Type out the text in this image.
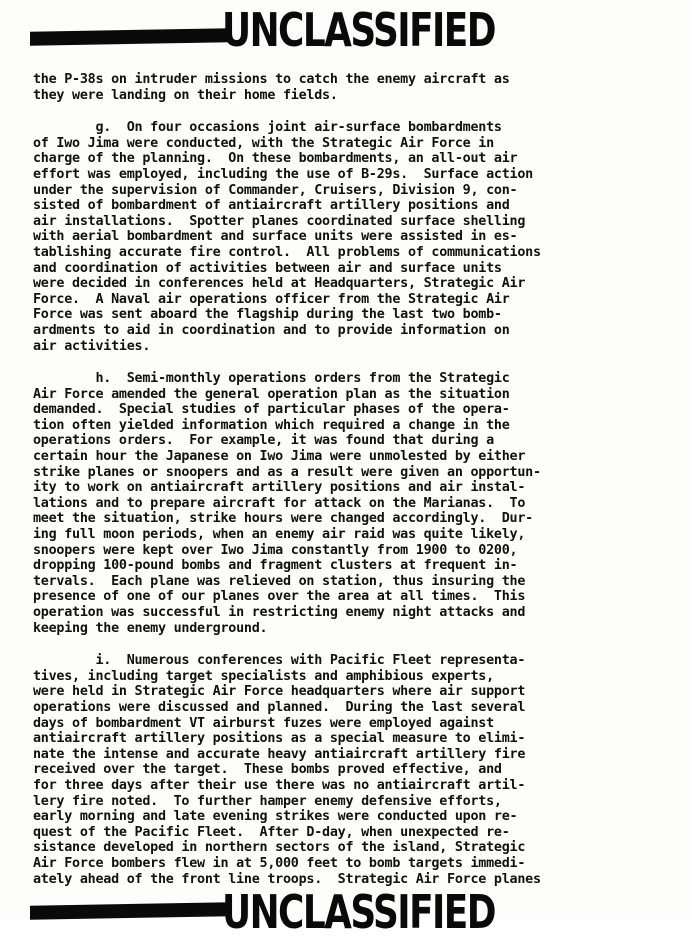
UNCLASSIFIED
the P-38s on intruder missions to catch the enemy aircraft as
they were landing on their home fields.
g.  On four occasions joint air-surface bombardments
of Iwo Jima were conducted, with the Strategic Air Force in
charge of the planning.  On these bombardments, an all-out air
effort was employed, including the use of B-29s.  Surface action
under the supervision of Commander, Cruisers, Division 9, con-
sisted of bombardment of antiaircraft artillery positions and
air installations.  Spotter planes coordinated surface shelling
with aerial bombardment and surface units were assisted in es-
tablishing accurate fire control.  All problems of communications
and coordination of activities between air and surface units
were decided in conferences held at Headquarters, Strategic Air
Force.  A Naval air operations officer from the Strategic Air
Force was sent aboard the flagship during the last two bomb-
ardments to aid in coordination and to provide information on
air activities.
h.  Semi-monthly operations orders from the Strategic
Air Force amended the general operation plan as the situation
demanded.  Special studies of particular phases of the opera-
tion often yielded information which required a change in the
operations orders.  For example, it was found that during a
certain hour the Japanese on Iwo Jima were unmolested by either
strike planes or snoopers and as a result were given an opportun-
ity to work on antiaircraft artillery positions and air instal-
lations and to prepare aircraft for attack on the Marianas.  To
meet the situation, strike hours were changed accordingly.  Dur-
ing full moon periods, when an enemy air raid was quite likely,
snoopers were kept over Iwo Jima constantly from 1900 to 0200,
dropping 100-pound bombs and fragment clusters at frequent in-
tervals.  Each plane was relieved on station, thus insuring the
presence of one of our planes over the area at all times.  This
operation was successful in restricting enemy night attacks and
keeping the enemy underground.
i.  Numerous conferences with Pacific Fleet representa-
tives, including target specialists and amphibious experts,
were held in Strategic Air Force headquarters where air support
operations were discussed and planned.  During the last several
days of bombardment VT airburst fuzes were employed against
antiaircraft artillery positions as a special measure to elimi-
nate the intense and accurate heavy antiaircraft artillery fire
received over the target.  These bombs proved effective, and
for three days after their use there was no antiaircraft artil-
lery fire noted.  To further hamper enemy defensive efforts,
early morning and late evening strikes were conducted upon re-
quest of the Pacific Fleet.  After D-day, when unexpected re-
sistance developed in northern sectors of the island, Strategic
Air Force bombers flew in at 5,000 feet to bomb targets immedi-
ately ahead of the front line troops.  Strategic Air Force planes
UNCLASSIFIED
